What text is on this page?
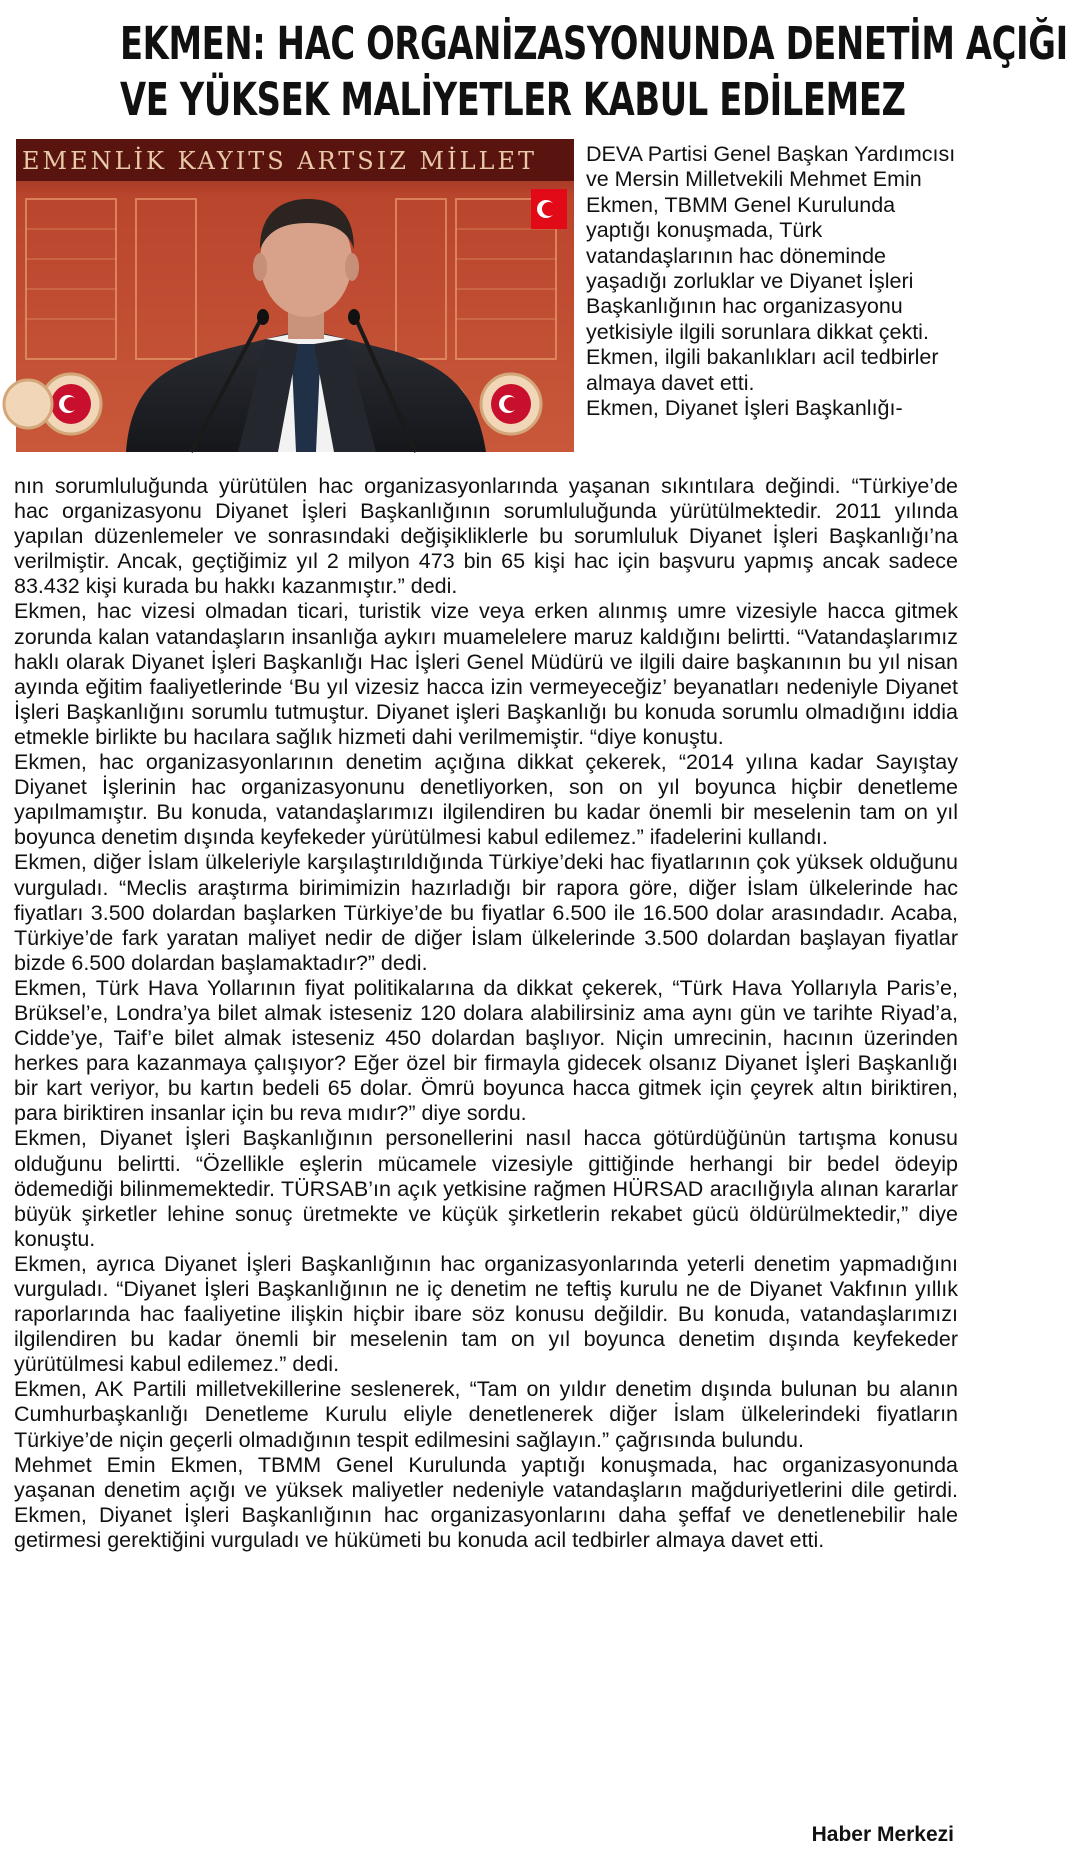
EKMEN: HAC ORGANİZASYONUNDA DENETİM AÇIĞI
VE YÜKSEK MALİYETLER KABUL EDİLEMEZ
EMENLİK KAYITS ARTSIZ MİLLET DEVA Partisi Genel Başkan Yardımcısı ve Mersin Milletvekili Mehmet Emin Ekmen, TBMM Genel Kurulunda yaptığı konuşmada, Türk vatandaşlarının hac döneminde yaşadığı zorluklar ve Diyanet İşleri Başkanlığının hac organizasyonu yetkisiyle ilgili sorunlara dikkat çekti. Ekmen, ilgili bakanlıkları acil tedbirler almaya davet etti.

Ekmen, Diyanet İşleri Başkanlığı-

nın sorumluluğunda yürütülen hac organizasyonlarında yaşanan sıkıntılara değindi. “Türkiye’de hac organizasyonu Diyanet İşleri Başkanlığının sorumluluğunda yürütülmektedir. 2011 yılında yapılan düzenlemeler ve sonrasındaki değişikliklerle bu sorumluluk Diyanet İşleri Başkanlığı’na verilmiştir. Ancak, geçtiğimiz yıl 2 milyon 473 bin 65 kişi hac için başvuru yapmış ancak sadece 83.432 kişi kurada bu hakkı kazanmıştır.” dedi.

Ekmen, hac vizesi olmadan ticari, turistik vize veya erken alınmış umre vizesiyle hacca gitmek zorunda kalan vatandaşların insanlığa aykırı muamelelere maruz kaldığını belirtti. “Vatandaşlarımız haklı olarak Diyanet İşleri Başkanlığı Hac İşleri Genel Müdürü ve ilgili daire başkanının bu yıl nisan ayında eğitim faaliyetlerinde ‘Bu yıl vizesiz hacca izin vermeyeceğiz’ beyanatları nedeniyle Diyanet İşleri Başkanlığını sorumlu tutmuştur. Diyanet işleri Başkanlığı bu konuda sorumlu olmadığını iddia etmekle birlikte bu hacılara sağlık hizmeti dahi verilmemiştir. “diye konuştu.

Ekmen, hac organizasyonlarının denetim açığına dikkat çekerek, “2014 yılına kadar Sayıştay Diyanet İşlerinin hac organizasyonunu denetliyorken, son on yıl boyunca hiçbir denetleme yapılmamıştır. Bu konuda, vatandaşlarımızı ilgilendiren bu kadar önemli bir meselenin tam on yıl boyunca denetim dışında keyfekeder yürütülmesi kabul edilemez.” ifadelerini kullandı.

Ekmen, diğer İslam ülkeleriyle karşılaştırıldığında Türkiye’deki hac fiyatlarının çok yüksek olduğunu vurguladı. “Meclis araştırma birimimizin hazırladığı bir rapora göre, diğer İslam ülkelerinde hac fiyatları 3.500 dolardan başlarken Türkiye’de bu fiyatlar 6.500 ile 16.500 dolar arasındadır. Acaba, Türkiye’de fark yaratan maliyet nedir de diğer İslam ülkelerinde 3.500 dolardan başlayan fiyatlar bizde 6.500 dolardan başlamaktadır?” dedi.

Ekmen, Türk Hava Yollarının fiyat politikalarına da dikkat çekerek, “Türk Hava Yollarıyla Paris’e, Brüksel’e, Londra’ya bilet almak isteseniz 120 dolara alabilirsiniz ama aynı gün ve tarihte Riyad’a, Cidde’ye, Taif’e bilet almak isteseniz 450 dolardan başlıyor. Niçin umrecinin, hacının üzerinden herkes para kazanmaya çalışıyor? Eğer özel bir firmayla gidecek olsanız Diyanet İşleri Başkanlığı bir kart veriyor, bu kartın bedeli 65 dolar. Ömrü boyunca hacca gitmek için çeyrek altın biriktiren, para biriktiren insanlar için bu reva mıdır?” diye sordu.

Ekmen, Diyanet İşleri Başkanlığının personellerini nasıl hacca götürdüğünün tartışma konusu olduğunu belirtti. “Özellikle eşlerin mücamele vizesiyle gittiğinde herhangi bir bedel ödeyip ödemediği bilinmemektedir. TÜRSAB’ın açık yetkisine rağmen HÜRSAD aracılığıyla alınan kararlar büyük şirketler lehine sonuç üretmekte ve küçük şirketlerin rekabet gücü öldürülmektedir,” diye konuştu.

Ekmen, ayrıca Diyanet İşleri Başkanlığının hac organizasyonlarında yeterli denetim yapmadığını vurguladı. “Diyanet İşleri Başkanlığının ne iç denetim ne teftiş kurulu ne de Diyanet Vakfının yıllık raporlarında hac faaliyetine ilişkin hiçbir ibare söz konusu değildir. Bu konuda, vatandaşlarımızı ilgilendiren bu kadar önemli bir meselenin tam on yıl boyunca denetim dışında keyfekeder yürütülmesi kabul edilemez.” dedi.

Ekmen, AK Partili milletvekillerine seslenerek, “Tam on yıldır denetim dışında bulunan bu alanın Cumhurbaşkanlığı Denetleme Kurulu eliyle denetlenerek diğer İslam ülkelerindeki fiyatların Türkiye’de niçin geçerli olmadığının tespit edilmesini sağlayın.” çağrısında bulundu.

Mehmet Emin Ekmen, TBMM Genel Kurulunda yaptığı konuşmada, hac organizasyonunda yaşanan denetim açığı ve yüksek maliyetler nedeniyle vatandaşların mağduriyetlerini dile getirdi. Ekmen, Diyanet İşleri Başkanlığının hac organizasyonlarını daha şeffaf ve denetlenebilir hale getirmesi gerektiğini vurguladı ve hükümeti bu konuda acil tedbirler almaya davet etti.

Haber Merkezi
